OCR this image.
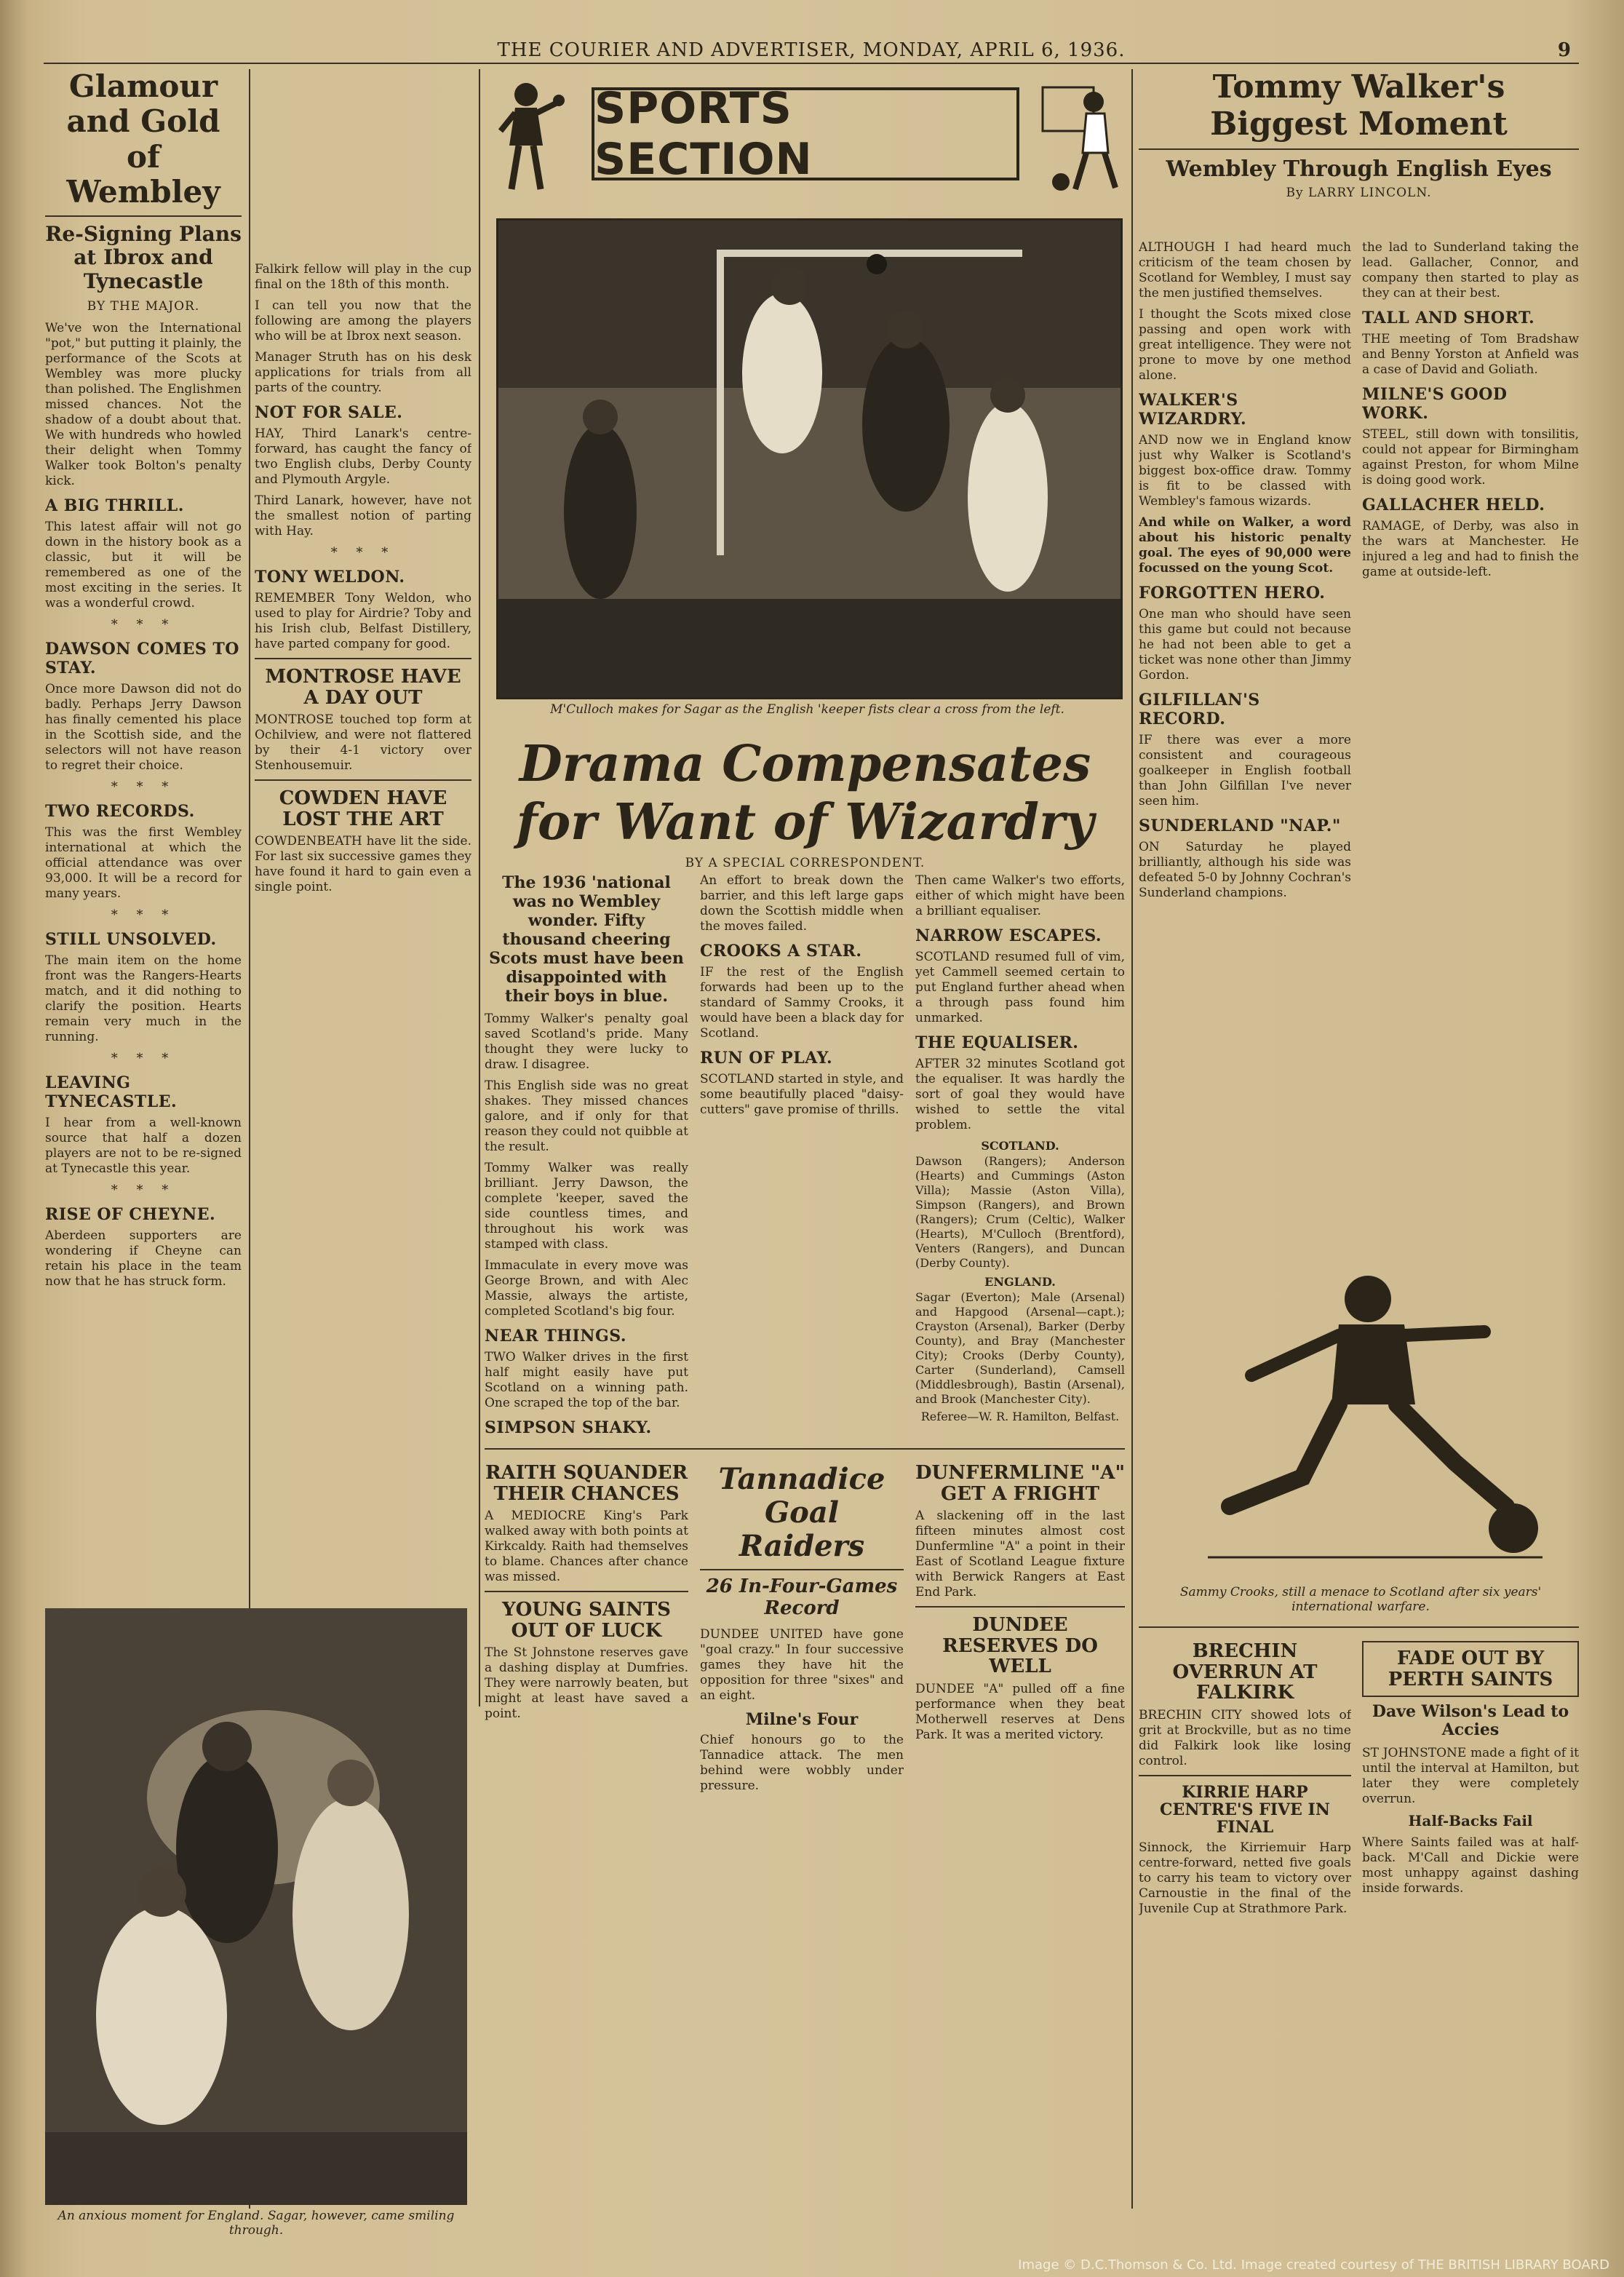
THE COURIER AND ADVERTISER, MONDAY, APRIL 6, 1936.	9
Glamour and Gold of Wembley
Re-Signing Plans at Ibrox and Tynecastle
BY THE MAJOR.

We've won the International "pot," but putting it plainly, the performance of the Scots at Wembley was more plucky than polished. The Englishmen missed chances. Not the shadow of a doubt about that. We with hundreds who howled their delight when Tommy Walker took Bolton's penalty kick.

A BIG THRILL.

This latest affair will not go down in the history book as a classic, but it will be remembered as one of the most exciting in the series. It was a wonderful crowd.

* * *
DAWSON COMES TO STAY.

Once more Dawson did not do badly. Perhaps Jerry Dawson has finally cemented his place in the Scottish side, and the selectors will not have reason to regret their choice.

* * *
TWO RECORDS.

This was the first Wembley international at which the official attendance was over 93,000. It will be a record for many years.

* * *
STILL UNSOLVED.

The main item on the home front was the Rangers-Hearts match, and it did nothing to clarify the position. Hearts remain very much in the running.

* * *
LEAVING TYNECASTLE.

I hear from a well-known source that half a dozen players are not to be re-signed at Tynecastle this year.

* * *
RISE OF CHEYNE.

Aberdeen supporters are wondering if Cheyne can retain his place in the team now that he has struck form.

Falkirk fellow will play in the cup final on the 18th of this month.

I can tell you now that the following are among the players who will be at Ibrox next season.

Manager Struth has on his desk applications for trials from all parts of the country.

NOT FOR SALE.

HAY, Third Lanark's centre-forward, has caught the fancy of two English clubs, Derby County and Plymouth Argyle.

Third Lanark, however, have not the smallest notion of parting with Hay.

* * *
TONY WELDON.

REMEMBER Tony Weldon, who used to play for Airdrie? Toby and his Irish club, Belfast Distillery, have parted company for good.

MONTROSE HAVE A DAY OUT

MONTROSE touched top form at Ochilview, and were not flattered by their 4-1 victory over Stenhousemuir.

COWDEN HAVE LOST THE ART

COWDENBEATH have lit the side. For last six successive games they have found it hard to gain even a single point.

An anxious moment for England. Sagar, however, came smiling through.
SPORTS SECTION
M'Culloch makes for Sagar as the English 'keeper fists clear a cross from the left.
Drama Compensates for Want of Wizardry
BY A SPECIAL CORRESPONDENT.

The 1936 'national was no Wembley wonder. Fifty thousand cheering Scots must have been disappointed with their boys in blue.

Tommy Walker's penalty goal saved Scotland's pride. Many thought they were lucky to draw. I disagree.

This English side was no great shakes. They missed chances galore, and if only for that reason they could not quibble at the result.

Tommy Walker was really brilliant. Jerry Dawson, the complete 'keeper, saved the side countless times, and throughout his work was stamped with class.

Immaculate in every move was George Brown, and with Alec Massie, always the artiste, completed Scotland's big four.

NEAR THINGS.

TWO Walker drives in the first half might easily have put Scotland on a winning path. One scraped the top of the bar.

SIMPSON SHAKY.

An effort to break down the barrier, and this left large gaps down the Scottish middle when the moves failed.

CROOKS A STAR.

IF the rest of the English forwards had been up to the standard of Sammy Crooks, it would have been a black day for Scotland.

RUN OF PLAY.

SCOTLAND started in style, and some beautifully placed "daisy-cutters" gave promise of thrills.

Then came Walker's two efforts, either of which might have been a brilliant equaliser.

NARROW ESCAPES.

SCOTLAND resumed full of vim, yet Cammell seemed certain to put England further ahead when a through pass found him unmarked.

THE EQUALISER.

AFTER 32 minutes Scotland got the equaliser. It was hardly the sort of goal they would have wished to settle the vital problem.

SCOTLAND.
Dawson (Rangers); Anderson (Hearts) and Cummings (Aston Villa); Massie (Aston Villa), Simpson (Rangers), and Brown (Rangers); Crum (Celtic), Walker (Hearts), M'Culloch (Brentford), Venters (Rangers), and Duncan (Derby County).
ENGLAND.
Sagar (Everton); Male (Arsenal) and Hapgood (Arsenal—capt.); Crayston (Arsenal), Barker (Derby County), and Bray (Manchester City); Crooks (Derby County), Carter (Sunderland), Camsell (Middlesbrough), Bastin (Arsenal), and Brook (Manchester City).
Referee—W. R. Hamilton, Belfast.
RAITH SQUANDER THEIR CHANCES

A MEDIOCRE King's Park walked away with both points at Kirkcaldy. Raith had themselves to blame. Chances after chance was missed.

YOUNG SAINTS OUT OF LUCK

The St Johnstone reserves gave a dashing display at Dumfries. They were narrowly beaten, but might at least have saved a point.

Tannadice Goal Raiders
26 In-Four-Games Record

DUNDEE UNITED have gone "goal crazy." In four successive games they have hit the opposition for three "sixes" and an eight.

Milne's Four

Chief honours go to the Tannadice attack. The men behind were wobbly under pressure.

DUNFERMLINE "A" GET A FRIGHT

A slackening off in the last fifteen minutes almost cost Dunfermline "A" a point in their East of Scotland League fixture with Berwick Rangers at East End Park.

DUNDEE RESERVES DO WELL

DUNDEE "A" pulled off a fine performance when they beat Motherwell reserves at Dens Park. It was a merited victory.

Tommy Walker's Biggest Moment
Wembley Through English Eyes
By LARRY LINCOLN.

ALTHOUGH I had heard much criticism of the team chosen by Scotland for Wembley, I must say the men justified themselves.

I thought the Scots mixed close passing and open work with great intelligence. They were not prone to move by one method alone.

WALKER'S WIZARDRY.

AND now we in England know just why Walker is Scotland's biggest box-office draw. Tommy is fit to be classed with Wembley's famous wizards.

And while on Walker, a word about his historic penalty goal. The eyes of 90,000 were focussed on the young Scot.

FORGOTTEN HERO.

One man who should have seen this game but could not because he had not been able to get a ticket was none other than Jimmy Gordon.

GILFILLAN'S RECORD.

IF there was ever a more consistent and courageous goalkeeper in English football than John Gilfillan I've never seen him.

SUNDERLAND "NAP."

ON Saturday he played brilliantly, although his side was defeated 5-0 by Johnny Cochran's Sunderland champions.

the lad to Sunderland taking the lead. Gallacher, Connor, and company then started to play as they can at their best.

TALL AND SHORT.

THE meeting of Tom Bradshaw and Benny Yorston at Anfield was a case of David and Goliath.

MILNE'S GOOD WORK.

STEEL, still down with tonsilitis, could not appear for Birmingham against Preston, for whom Milne is doing good work.

GALLACHER HELD.

RAMAGE, of Derby, was also in the wars at Manchester. He injured a leg and had to finish the game at outside-left.

Sammy Crooks, still a menace to Scotland after six years' international warfare.
BRECHIN OVERRUN AT FALKIRK

BRECHIN CITY showed lots of grit at Brockville, but as no time did Falkirk look like losing control.

KIRRIE HARP CENTRE'S FIVE IN FINAL

Sinnock, the Kirriemuir Harp centre-forward, netted five goals to carry his team to victory over Carnoustie in the final of the Juvenile Cup at Strathmore Park.

FADE OUT BY PERTH SAINTS
Dave Wilson's Lead to Accies

ST JOHNSTONE made a fight of it until the interval at Hamilton, but later they were completely overrun.

Half-Backs Fail

Where Saints failed was at half-back. M'Call and Dickie were most unhappy against dashing inside forwards.

Image © D.C.Thomson & Co. Ltd. Image created courtesy of THE BRITISH LIBRARY BOARD
